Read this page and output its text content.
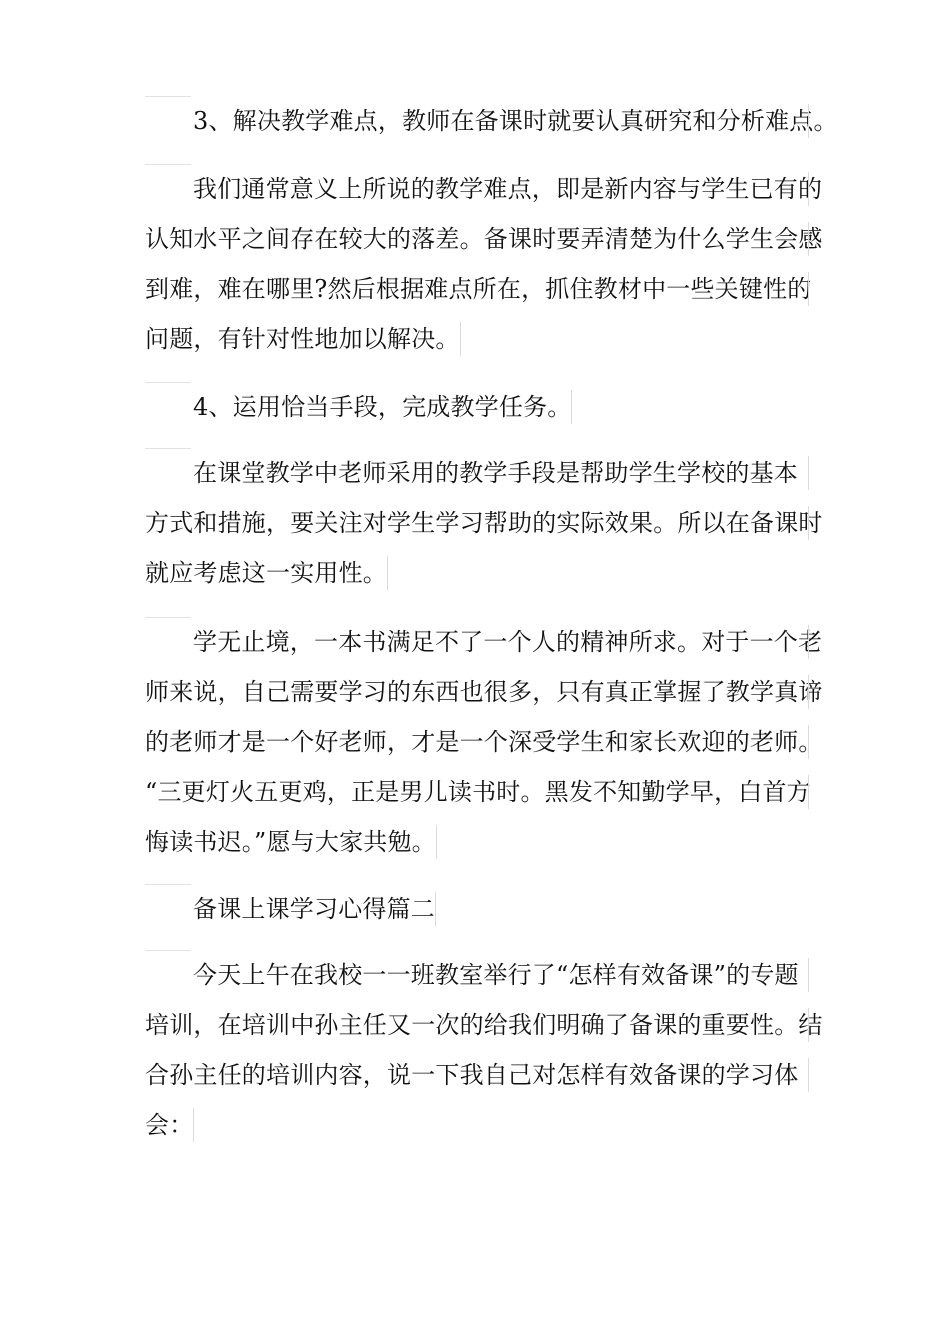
3、解决教学难点，教师在备课时就要认真研究和分析难点。
我们通常意义上所说的教学难点，即是新内容与学生已有的
认知水平之间存在较大的落差。备课时要弄清楚为什么学生会感
到难，难在哪里?然后根据难点所在，抓住教材中一些关键性的
问题，有针对性地加以解决。
4、运用恰当手段，完成教学任务。
在课堂教学中老师采用的教学手段是帮助学生学校的基本
方式和措施，要关注对学生学习帮助的实际效果。所以在备课时
就应考虑这一实用性。
学无止境，一本书满足不了一个人的精神所求。对于一个老
师来说，自己需要学习的东西也很多，只有真正掌握了教学真谛
的老师才是一个好老师，才是一个深受学生和家长欢迎的老师。
“三更灯火五更鸡，正是男儿读书时。黑发不知勤学早，白首方
悔读书迟。”愿与大家共勉。
备课上课学习心得篇二
今天上午在我校一一班教室举行了“怎样有效备课”的专题
培训，在培训中孙主任又一次的给我们明确了备课的重要性。结
合孙主任的培训内容，说一下我自己对怎样有效备课的学习体
会：
